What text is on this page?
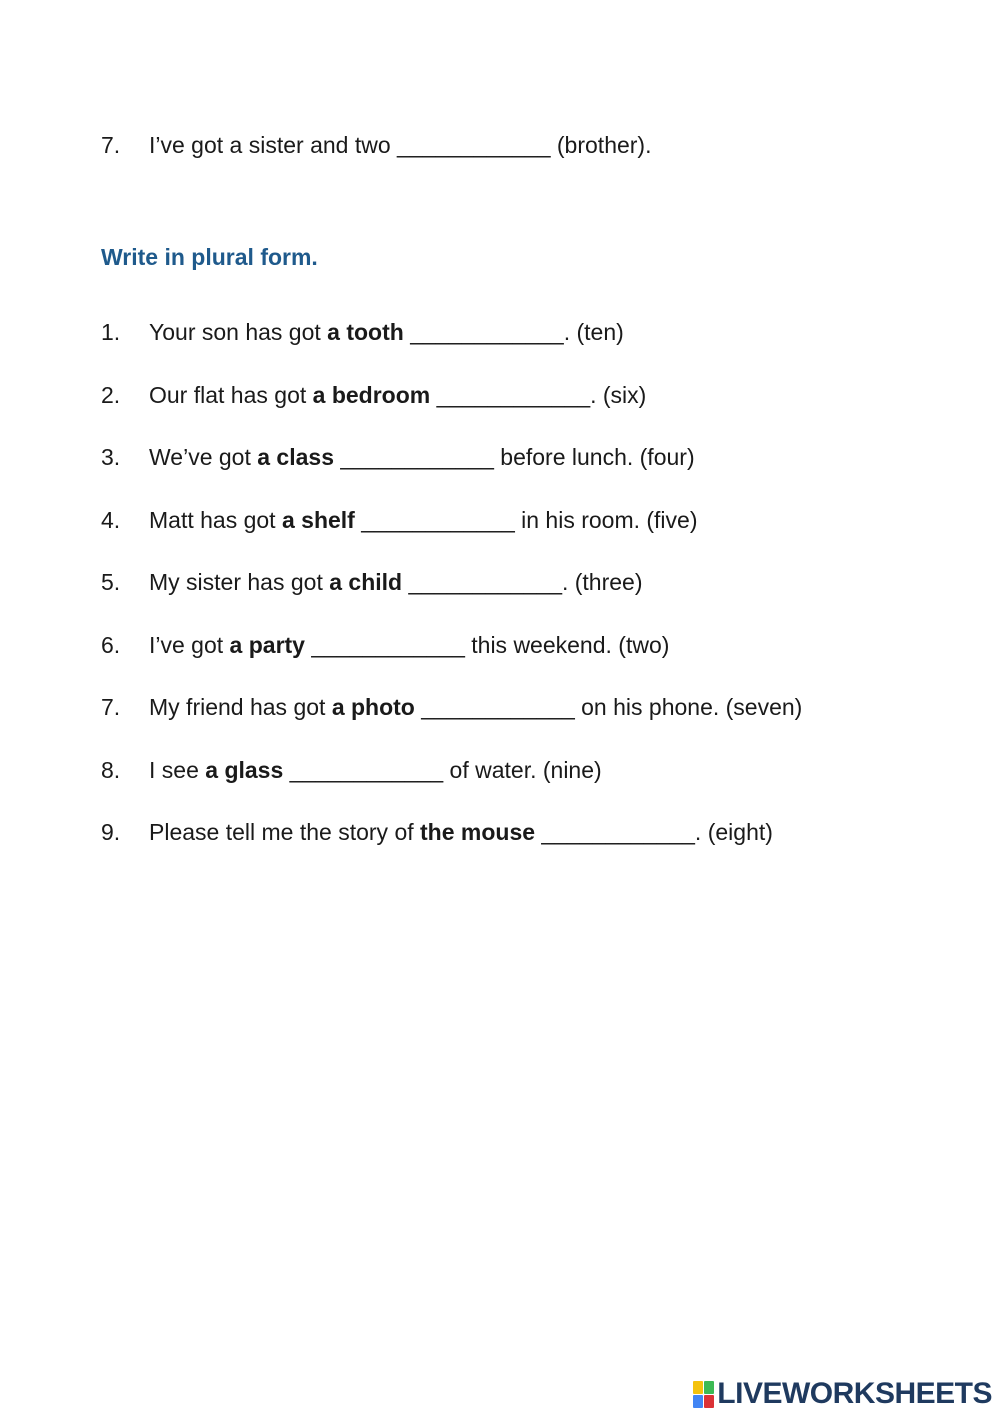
7. I’ve got a sister and two ____________ (brother).
Write in plural form.
1. Your son has got a tooth ____________. (ten)
2. Our flat has got a bedroom ____________. (six)
3. We’ve got a class ____________ before lunch. (four)
4. Matt has got a shelf ____________ in his room. (five)
5. My sister has got a child ____________. (three)
6. I’ve got a party ____________ this weekend. (two)
7. My friend has got a photo ____________ on his phone. (seven)
8. I see a glass ____________ of water. (nine)
9. Please tell me the story of the mouse ____________. (eight)
LIVEWORKSHEETS
